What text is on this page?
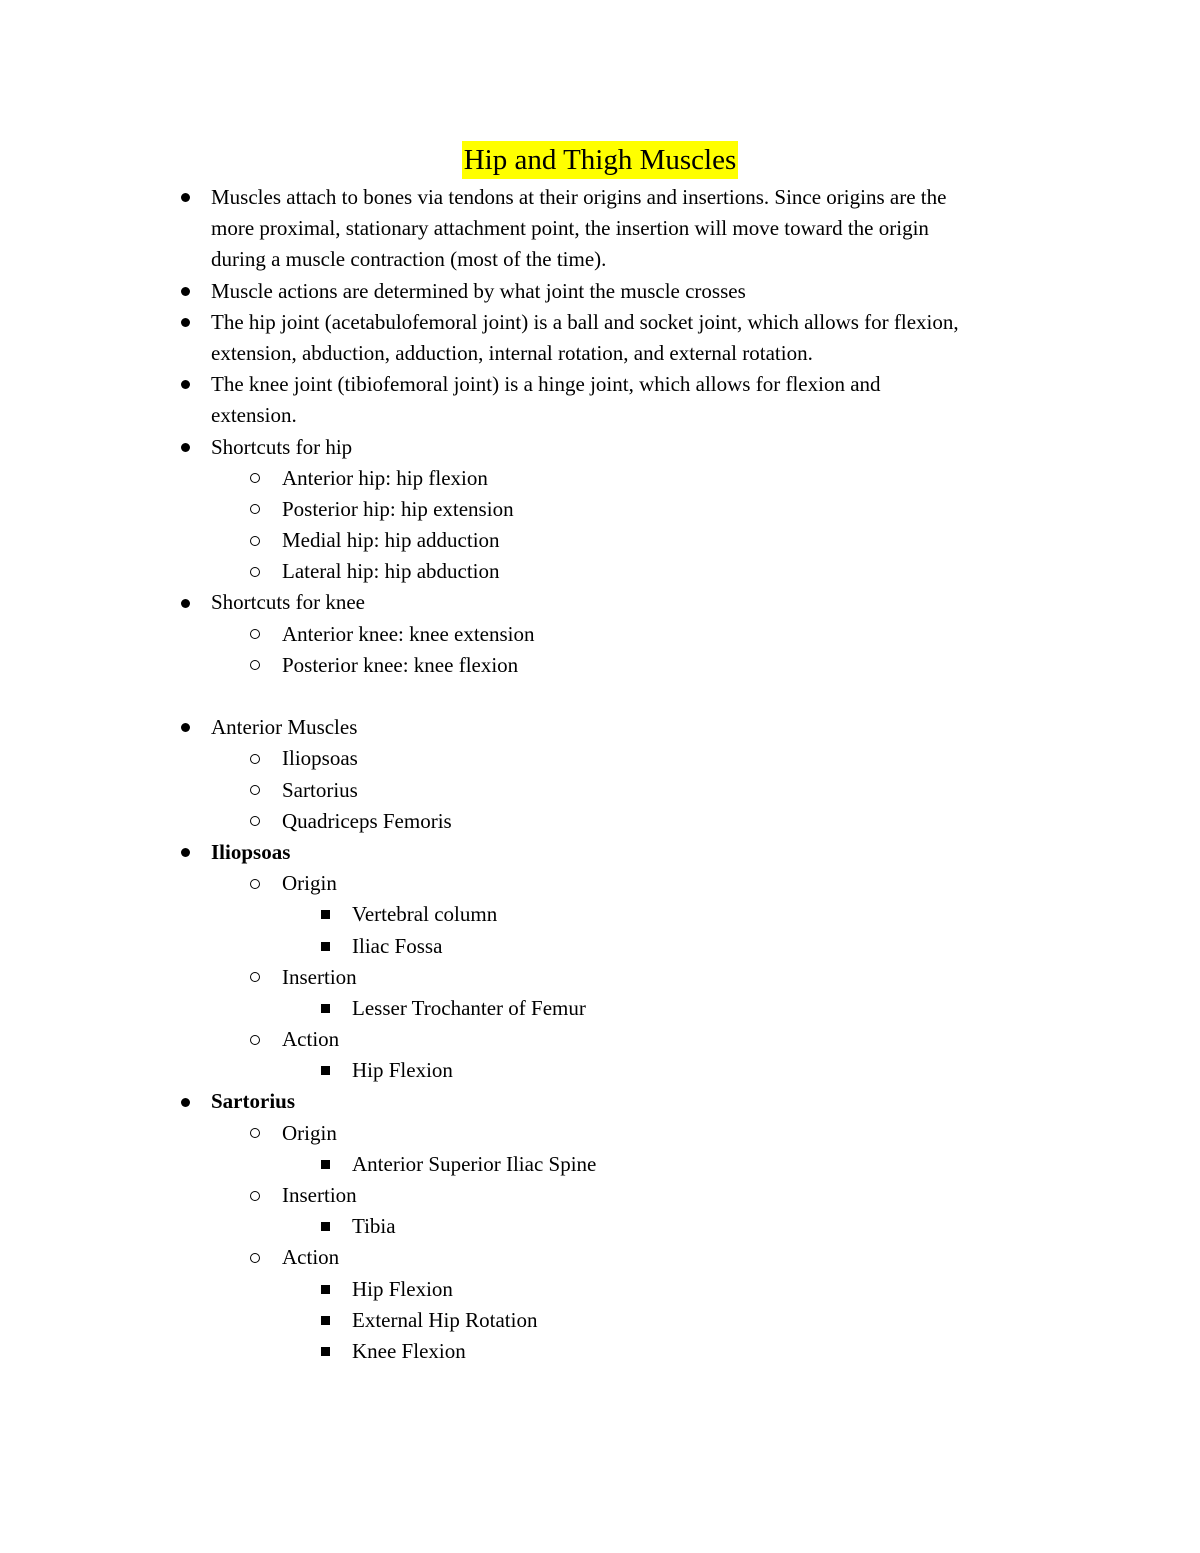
Hip and Thigh Muscles
Muscles attach to bones via tendons at their origins and insertions. Since origins are the
more proximal, stationary attachment point, the insertion will move toward the origin
during a muscle contraction (most of the time).
Muscle actions are determined by what joint the muscle crosses
The hip joint (acetabulofemoral joint) is a ball and socket joint, which allows for flexion,
extension, abduction, adduction, internal rotation, and external rotation.
The knee joint (tibiofemoral joint) is a hinge joint, which allows for flexion and
extension.
Shortcuts for hip
Anterior hip: hip flexion
Posterior hip: hip extension
Medial hip: hip adduction
Lateral hip: hip abduction
Shortcuts for knee
Anterior knee: knee extension
Posterior knee: knee flexion
Anterior Muscles
Iliopsoas
Sartorius
Quadriceps Femoris
Iliopsoas
Origin
Vertebral column
Iliac Fossa
Insertion
Lesser Trochanter of Femur
Action
Hip Flexion
Sartorius
Origin
Anterior Superior Iliac Spine
Insertion
Tibia
Action
Hip Flexion
External Hip Rotation
Knee Flexion
